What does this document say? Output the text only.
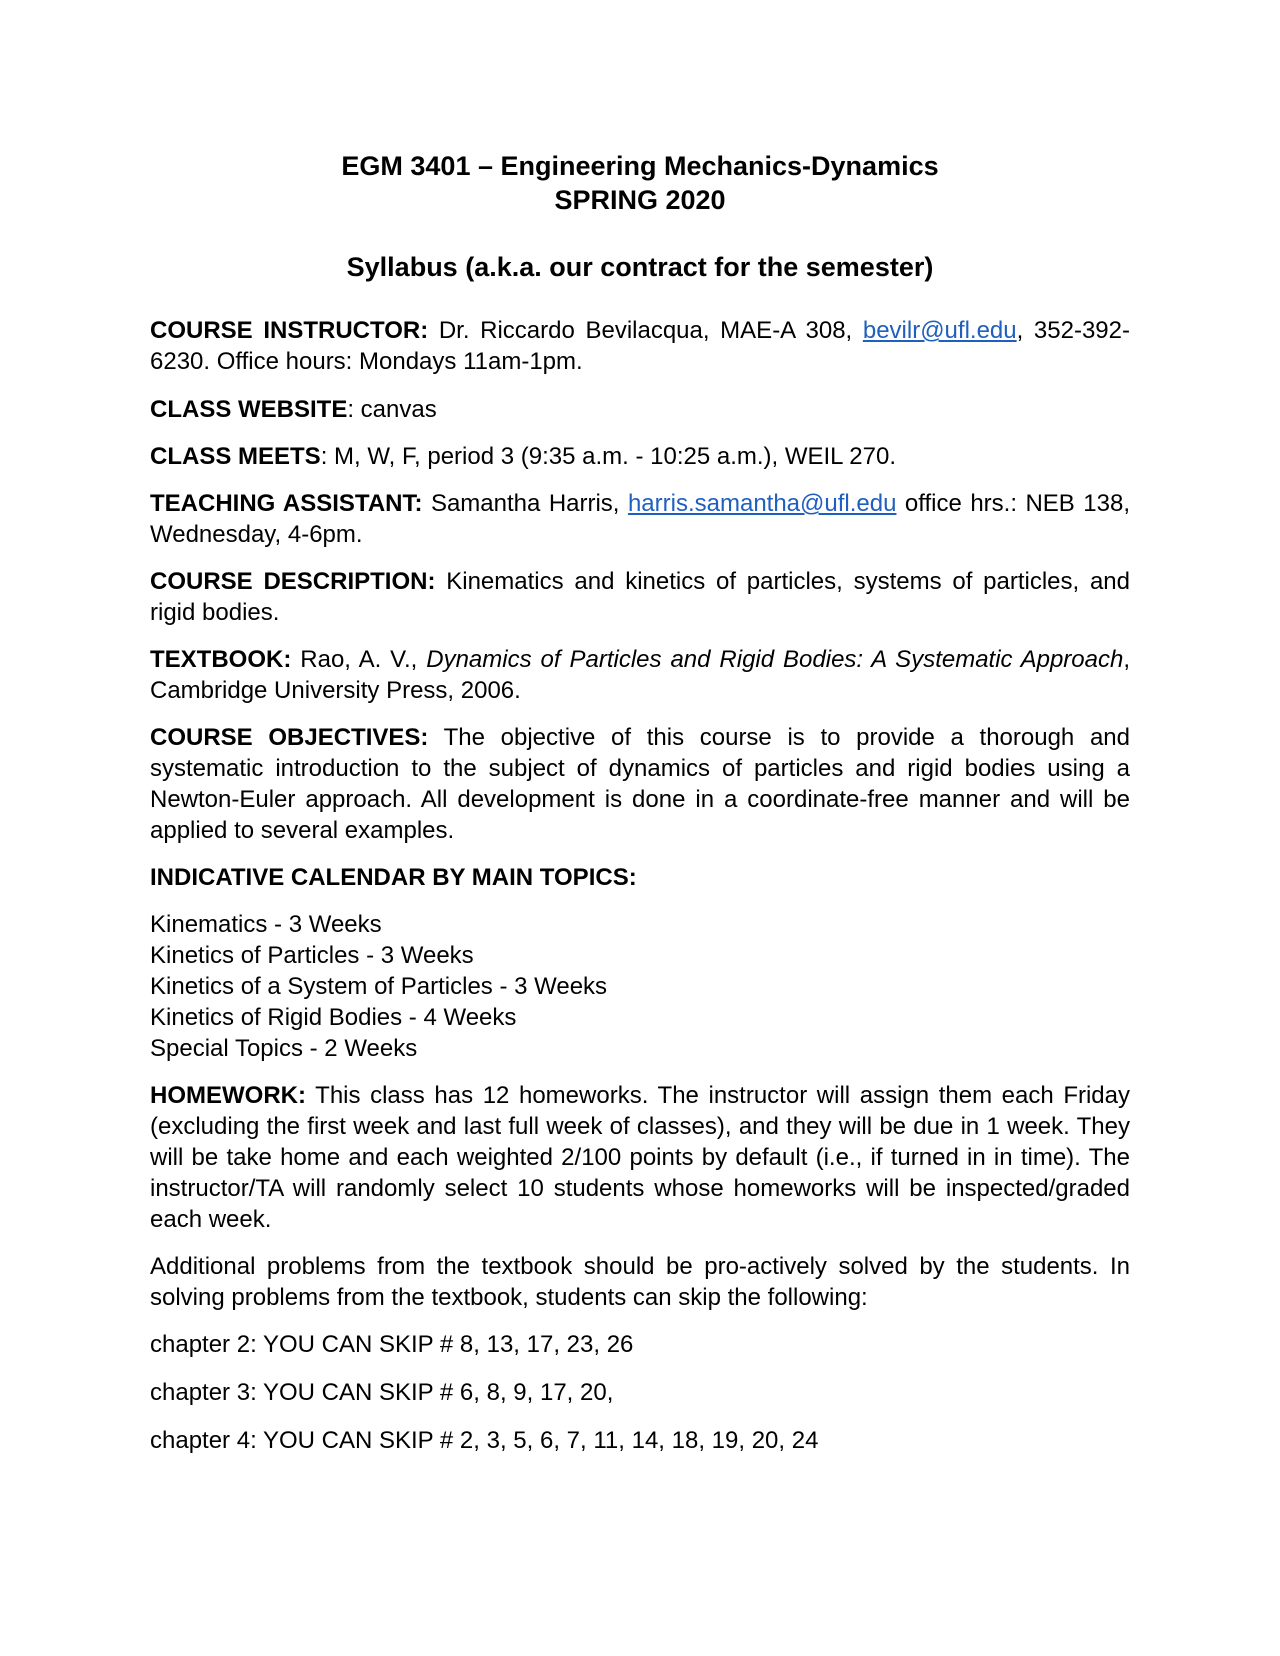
EGM 3401 – Engineering Mechanics-Dynamics
SPRING 2020
Syllabus (a.k.a. our contract for the semester)

COURSE INSTRUCTOR: Dr. Riccardo Bevilacqua, MAE-A 308, bevilr@ufl.edu, 352-392-6230. Office hours: Mondays 11am-1pm.

CLASS WEBSITE: canvas

CLASS MEETS: M, W, F, period 3 (9:35 a.m. - 10:25 a.m.), WEIL 270.

TEACHING ASSISTANT: Samantha Harris, harris.samantha@ufl.edu office hrs.: NEB 138, Wednesday, 4-6pm.

COURSE DESCRIPTION: Kinematics and kinetics of particles, systems of particles, and rigid bodies.

TEXTBOOK: Rao, A. V., Dynamics of Particles and Rigid Bodies: A Systematic Approach, Cambridge University Press, 2006.

COURSE OBJECTIVES: The objective of this course is to provide a thorough and systematic introduction to the subject of dynamics of particles and rigid bodies using a Newton-Euler approach. All development is done in a coordinate-free manner and will be applied to several examples.

INDICATIVE CALENDAR BY MAIN TOPICS:

Kinematics - 3 Weeks
Kinetics of Particles - 3 Weeks
Kinetics of a System of Particles - 3 Weeks
Kinetics of Rigid Bodies - 4 Weeks
Special Topics - 2 Weeks

HOMEWORK: This class has 12 homeworks. The instructor will assign them each Friday (excluding the first week and last full week of classes), and they will be due in 1 week. They will be take home and each weighted 2/100 points by default (i.e., if turned in in time). The instructor/TA will randomly select 10 students whose homeworks will be inspected/graded each week.

Additional problems from the textbook should be pro-actively solved by the students. In solving problems from the textbook, students can skip the following:

chapter 2: YOU CAN SKIP # 8, 13, 17, 23, 26

chapter 3: YOU CAN SKIP # 6, 8, 9, 17, 20,

chapter 4: YOU CAN SKIP # 2, 3, 5, 6, 7, 11, 14, 18, 19, 20, 24
